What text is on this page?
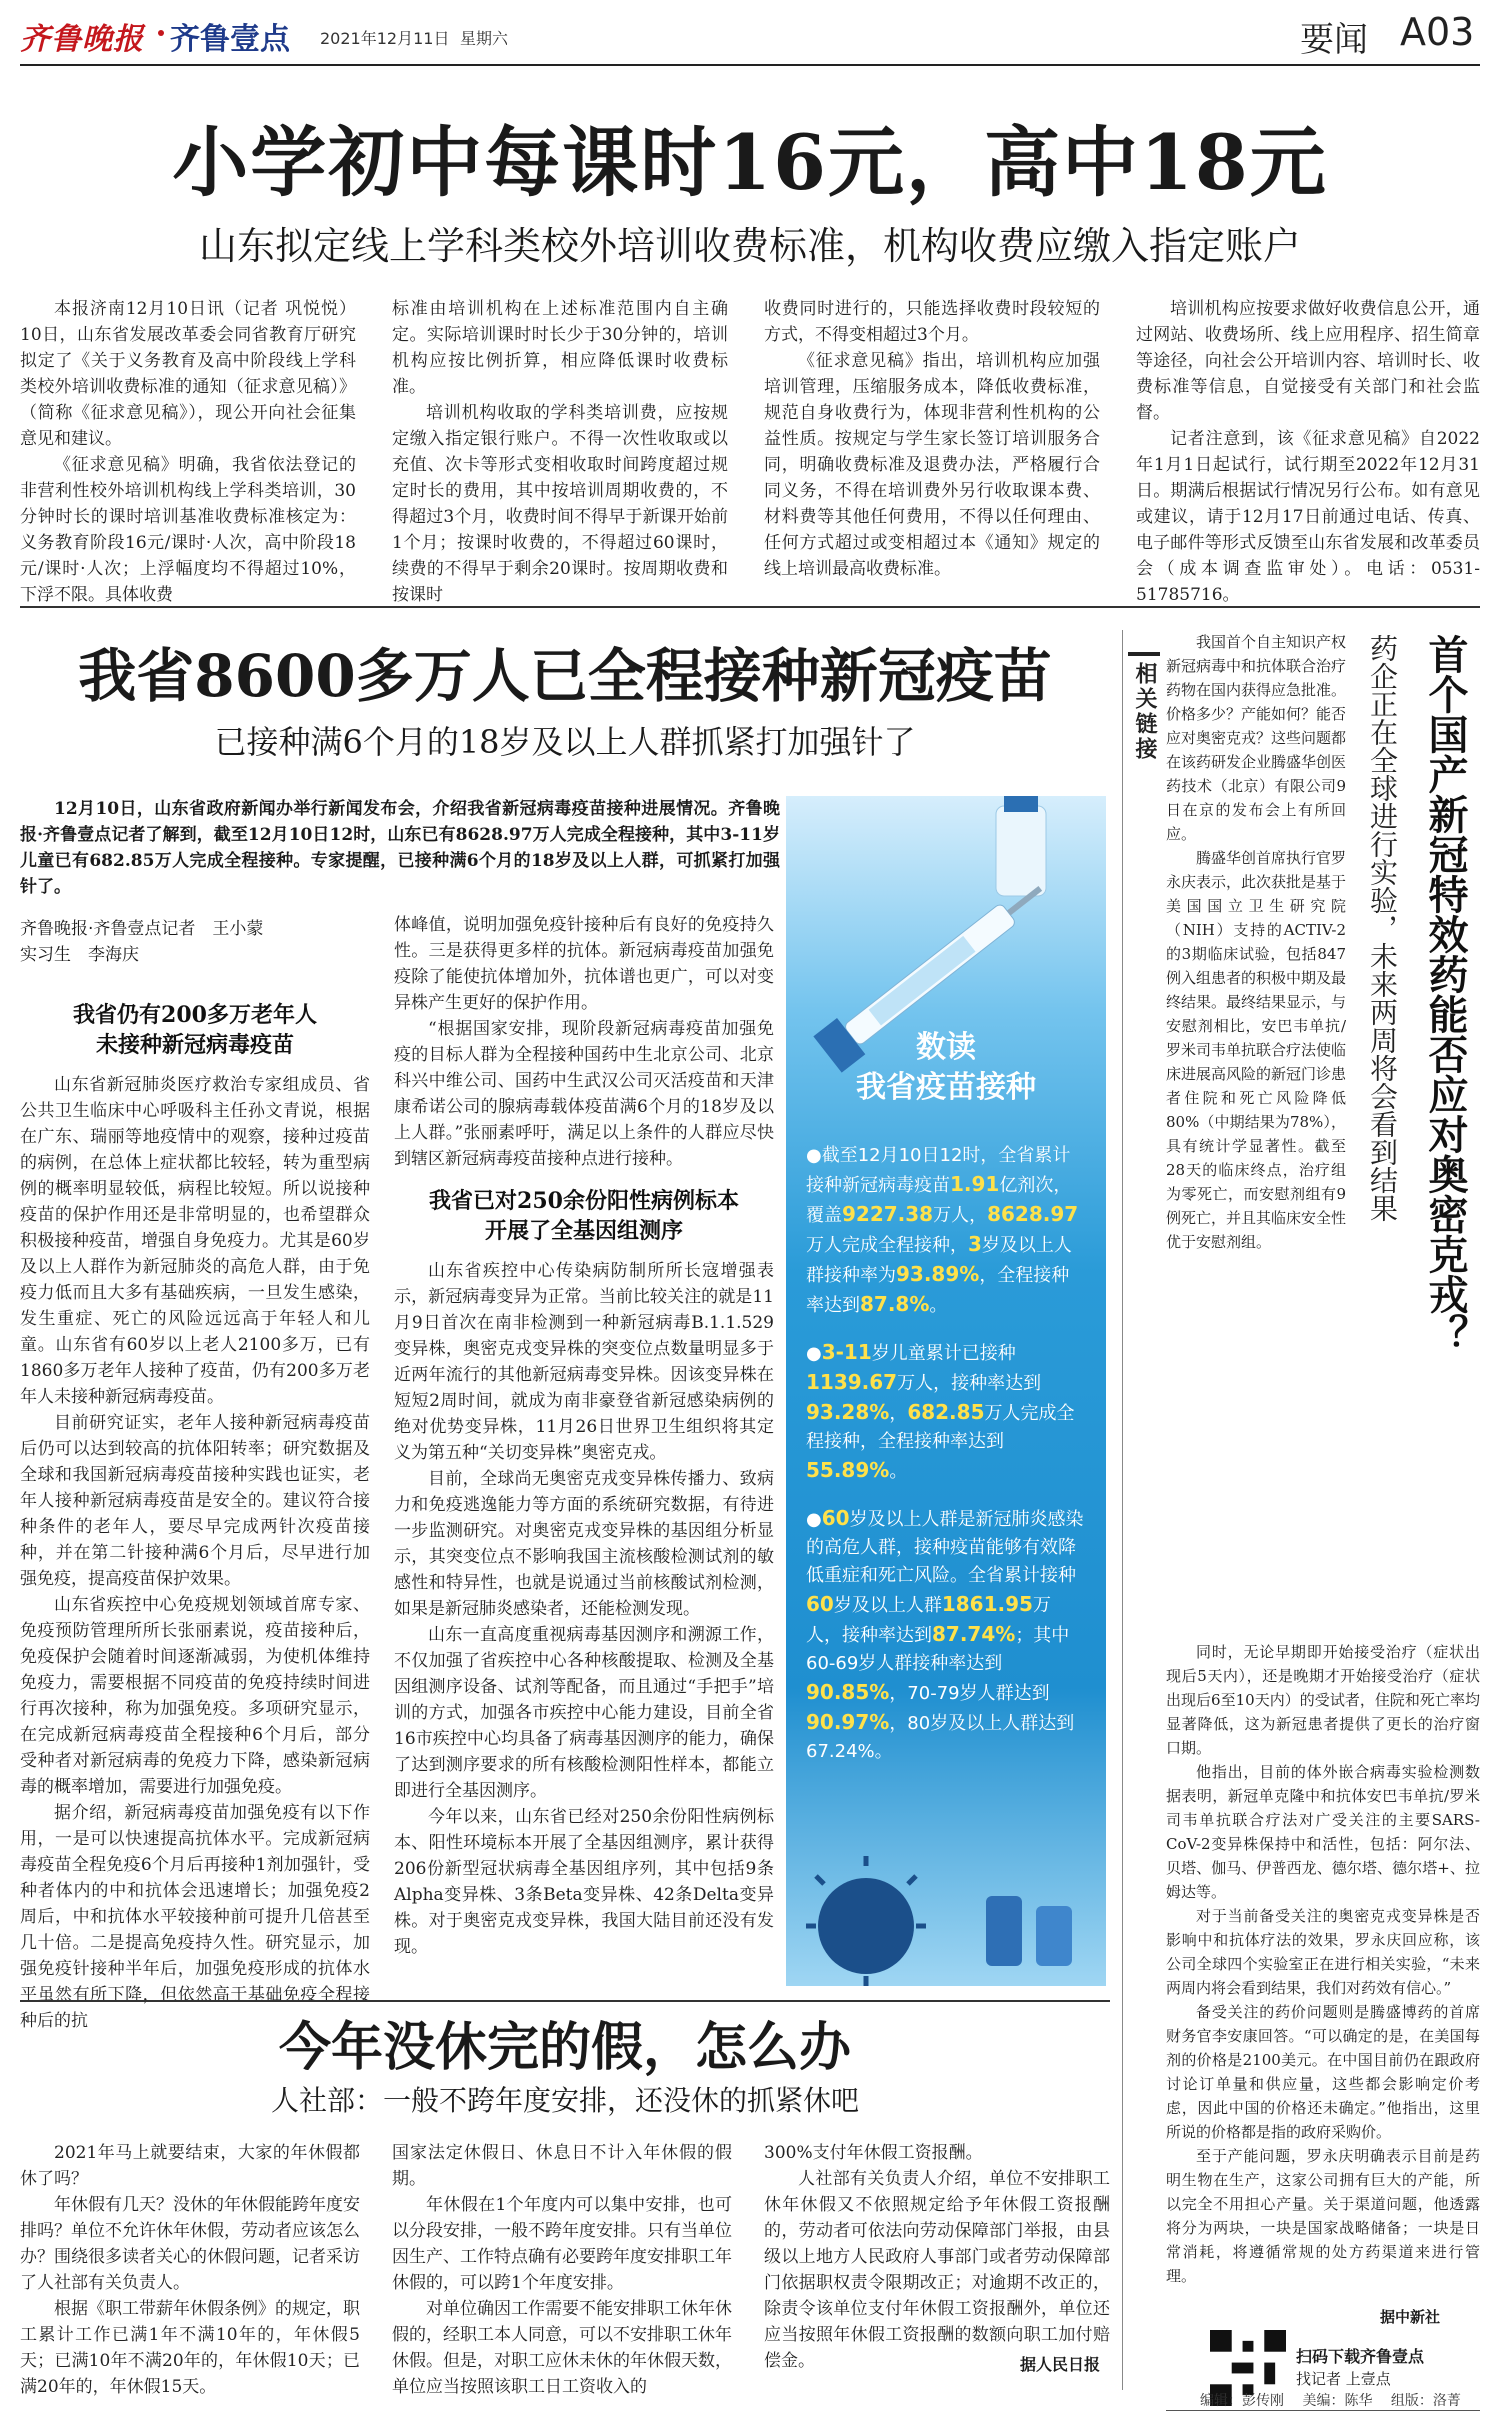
齐鲁晚报 齐鲁壹点 2021年12月11日 星期六	要闻 A03
小学初中每课时16元，高中18元
山东拟定线上学科类校外培训收费标准，机构收费应缴入指定账户

本报济南12月10日讯（记者 巩悦悦） 10日，山东省发展改革委会同省教育厅研究拟定了《关于义务教育及高中阶段线上学科类校外培训收费标准的通知（征求意见稿）》（简称《征求意见稿》），现公开向社会征集意见和建议。

《征求意见稿》明确，我省依法登记的非营利性校外培训机构线上学科类培训，30分钟时长的课时培训基准收费标准核定为：义务教育阶段16元/课时·人次，高中阶段18元/课时·人次；上浮幅度均不得超过10%，下浮不限。具体收费

标准由培训机构在上述标准范围内自主确定。实际培训课时时长少于30分钟的，培训机构应按比例折算，相应降低课时收费标准。

培训机构收取的学科类培训费，应按规定缴入指定银行账户。不得一次性收取或以充值、次卡等形式变相收取时间跨度超过规定时长的费用，其中按培训周期收费的，不得超过3个月，收费时间不得早于新课开始前1个月；按课时收费的，不得超过60课时，续费的不得早于剩余20课时。按周期收费和按课时

收费同时进行的，只能选择收费时段较短的方式，不得变相超过3个月。

《征求意见稿》指出，培训机构应加强培训管理，压缩服务成本，降低收费标准，规范自身收费行为，体现非营利性机构的公益性质。按规定与学生家长签订培训服务合同，明确收费标准及退费办法，严格履行合同义务，不得在培训费外另行收取课本费、材料费等其他任何费用，不得以任何理由、任何方式超过或变相超过本《通知》规定的线上培训最高收费标准。

培训机构应按要求做好收费信息公开，通过网站、收费场所、线上应用程序、招生简章等途径，向社会公开培训内容、培训时长、收费标准等信息，自觉接受有关部门和社会监督。

记者注意到，该《征求意见稿》自2022年1月1日起试行，试行期至2022年12月31日。期满后根据试行情况另行公布。如有意见或建议，请于12月17日前通过电话、传真、电子邮件等形式反馈至山东省发展和改革委员会（成本调查监审处）。电话：0531-51785716。

我省8600多万人已全程接种新冠疫苗
已接种满6个月的18岁及以上人群抓紧打加强针了
12月10日，山东省政府新闻办举行新闻发布会，介绍我省新冠病毒疫苗接种进展情况。齐鲁晚报·齐鲁壹点记者了解到，截至12月10日12时，山东已有8628.97万人完成全程接种，其中3-11岁儿童已有682.85万人完成全程接种。专家提醒，已接种满6个月的18岁及以上人群，可抓紧打加强针了。
齐鲁晚报·齐鲁壹点记者　王小蒙
实习生　李海庆
我省仍有200多万老年人
未接种新冠病毒疫苗

山东省新冠肺炎医疗救治专家组成员、省公共卫生临床中心呼吸科主任孙文青说，根据在广东、瑞丽等地疫情中的观察，接种过疫苗的病例，在总体上症状都比较轻，转为重型病例的概率明显较低，病程比较短。所以说接种疫苗的保护作用还是非常明显的，也希望群众积极接种疫苗，增强自身免疫力。尤其是60岁及以上人群作为新冠肺炎的高危人群，由于免疫力低而且大多有基础疾病，一旦发生感染，发生重症、死亡的风险远远高于年轻人和儿童。山东省有60岁以上老人2100多万，已有1860多万老年人接种了疫苗，仍有200多万老年人未接种新冠病毒疫苗。

目前研究证实，老年人接种新冠病毒疫苗后仍可以达到较高的抗体阳转率；研究数据及全球和我国新冠病毒疫苗接种实践也证实，老年人接种新冠病毒疫苗是安全的。建议符合接种条件的老年人，要尽早完成两针次疫苗接种，并在第二针接种满6个月后，尽早进行加强免疫，提高疫苗保护效果。

山东省疾控中心免疫规划领域首席专家、免疫预防管理所所长张丽素说，疫苗接种后，免疫保护会随着时间逐渐减弱，为使机体维持免疫力，需要根据不同疫苗的免疫持续时间进行再次接种，称为加强免疫。多项研究显示，在完成新冠病毒疫苗全程接种6个月后，部分受种者对新冠病毒的免疫力下降，感染新冠病毒的概率增加，需要进行加强免疫。

据介绍，新冠病毒疫苗加强免疫有以下作用，一是可以快速提高抗体水平。完成新冠病毒疫苗全程免疫6个月后再接种1剂加强针，受种者体内的中和抗体会迅速增长；加强免疫2周后，中和抗体水平较接种前可提升几倍甚至几十倍。二是提高免疫持久性。研究显示，加强免疫针接种半年后，加强免疫形成的抗体水平虽然有所下降，但依然高于基础免疫全程接种后的抗

体峰值，说明加强免疫针接种后有良好的免疫持久性。三是获得更多样的抗体。新冠病毒疫苗加强免疫除了能使抗体增加外，抗体谱也更广，可以对变异株产生更好的保护作用。

“根据国家安排，现阶段新冠病毒疫苗加强免疫的目标人群为全程接种国药中生北京公司、北京科兴中维公司、国药中生武汉公司灭活疫苗和天津康希诺公司的腺病毒载体疫苗满6个月的18岁及以上人群。”张丽素呼吁，满足以上条件的人群应尽快到辖区新冠病毒疫苗接种点进行接种。

我省已对250余份阳性病例标本
开展了全基因组测序

山东省疾控中心传染病防制所所长寇增强表示，新冠病毒变异为正常。当前比较关注的就是11月9日首次在南非检测到一种新冠病毒B.1.1.529变异株，奥密克戎变异株的突变位点数量明显多于近两年流行的其他新冠病毒变异株。因该变异株在短短2周时间，就成为南非豪登省新冠感染病例的绝对优势变异株，11月26日世界卫生组织将其定义为第五种“关切变异株”奥密克戎。

目前，全球尚无奥密克戎变异株传播力、致病力和免疫逃逸能力等方面的系统研究数据，有待进一步监测研究。对奥密克戎变异株的基因组分析显示，其突变位点不影响我国主流核酸检测试剂的敏感性和特异性，也就是说通过当前核酸试剂检测，如果是新冠肺炎感染者，还能检测发现。

山东一直高度重视病毒基因测序和溯源工作，不仅加强了省疾控中心各种核酸提取、检测及全基因组测序设备、试剂等配备，而且通过“手把手”培训的方式，加强各市疾控中心能力建设，目前全省16市疾控中心均具备了病毒基因测序的能力，确保了达到测序要求的所有核酸检测阳性样本，都能立即进行全基因测序。

今年以来，山东省已经对250余份阳性病例标本、阳性环境标本开展了全基因组测序，累计获得206份新型冠状病毒全基因组序列，其中包括9条Alpha变异株、3条Beta变异株、42条Delta变异株。对于奥密克戎变异株，我国大陆目前还没有发现。

数读
我省疫苗接种
●截至12月10日12时，全省累计接种新冠病毒疫苗1.91亿剂次，覆盖9227.38万人，8628.97万人完成全程接种，3岁及以上人群接种率为93.89%，全程接种率达到87.8%。
●3-11岁儿童累计已接种1139.67万人，接种率达到93.28%，682.85万人完成全程接种，全程接种率达到55.89%。
●60岁及以上人群是新冠肺炎感染的高危人群，接种疫苗能够有效降低重症和死亡风险。全省累计接种60岁及以上人群1861.95万人，接种率达到87.74%；其中60-69岁人群接种率达到90.85%，70-79岁人群达到90.97%，80岁及以上人群达到67.24%。
相关链接

我国首个自主知识产权新冠病毒中和抗体联合治疗药物在国内获得应急批准。价格多少？产能如何？能否应对奥密克戎？这些问题都在该药研发企业腾盛华创医药技术（北京）有限公司9日在京的发布会上有所回应。

腾盛华创首席执行官罗永庆表示，此次获批是基于美国国立卫生研究院（NIH）支持的ACTIV-2的3期临床试验，包括847例入组患者的积极中期及最终结果。最终结果显示，与安慰剂相比，安巴韦单抗/罗米司韦单抗联合疗法使临床进展高风险的新冠门诊患者住院和死亡风险降低80%（中期结果为78%），具有统计学显著性。截至28天的临床终点，治疗组为零死亡，而安慰剂组有9例死亡，并且其临床安全性优于安慰剂组。	首个国产新冠特效药能否应对奥密克戎？
药企正在全球进行实验，未来两周将会看到结果

同时，无论早期即开始接受治疗（症状出现后5天内），还是晚期才开始接受治疗（症状出现后6至10天内）的受试者，住院和死亡率均显著降低，这为新冠患者提供了更长的治疗窗口期。

他指出，目前的体外嵌合病毒实验检测数据表明，新冠单克隆中和抗体安巴韦单抗/罗米司韦单抗联合疗法对广受关注的主要SARS-CoV-2变异株保持中和活性，包括：阿尔法、贝塔、伽马、伊普西龙、德尔塔、德尔塔+、拉姆达等。

对于当前备受关注的奥密克戎变异株是否影响中和抗体疗法的效果，罗永庆回应称，该公司全球四个实验室正在进行相关实验，“未来两周内将会看到结果，我们对药效有信心。”

备受关注的药价问题则是腾盛博药的首席财务官李安康回答。“可以确定的是，在美国每剂的价格是2100美元。在中国目前仍在跟政府讨论订单量和供应量，这些都会影响定价考虑，因此中国的价格还未确定。”他指出，这里所说的价格都是指的政府采购价。

至于产能问题，罗永庆明确表示目前是药明生物在生产，这家公司拥有巨大的产能，所以完全不用担心产量。关于渠道问题，他透露将分为两块，一块是国家战略储备；一块是日常消耗，将遵循常规的处方药渠道来进行管理。

据中新社
扫码下载齐鲁壹点
找记者 上壹点
今年没休完的假，怎么办
人社部：一般不跨年度安排，还没休的抓紧休吧

2021年马上就要结束，大家的年休假都休了吗？

年休假有几天？没休的年休假能跨年度安排吗？单位不允许休年休假，劳动者应该怎么办？围绕很多读者关心的休假问题，记者采访了人社部有关负责人。

根据《职工带薪年休假条例》的规定，职工累计工作已满1年不满10年的，年休假5天；已满10年不满20年的，年休假10天；已满20年的，年休假15天。

国家法定休假日、休息日不计入年休假的假期。

年休假在1个年度内可以集中安排，也可以分段安排，一般不跨年度安排。只有当单位因生产、工作特点确有必要跨年度安排职工年休假的，可以跨1个年度安排。

对单位确因工作需要不能安排职工休年休假的，经职工本人同意，可以不安排职工休年休假。但是，对职工应休未休的年休假天数，单位应当按照该职工日工资收入的

300%支付年休假工资报酬。

人社部有关负责人介绍，单位不安排职工休年休假又不依照规定给予年休假工资报酬的，劳动者可依法向劳动保障部门举报，由县级以上地方人民政府人事部门或者劳动保障部门依据职权责令限期改正；对逾期不改正的，除责令该单位支付年休假工资报酬外，单位还应当按照年休假工资报酬的数额向职工加付赔偿金。	据人民日报
编辑：彭传刚 美编：陈华 组版：洛菁
